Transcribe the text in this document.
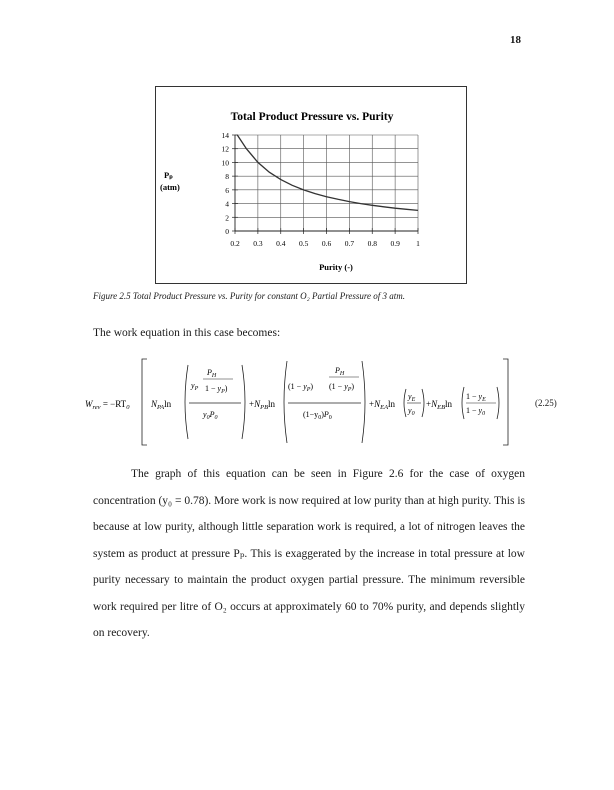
18
Total Product Pressure vs. Purity
Pₚ
(atm)
Purity (-)
0
2
4
6
8
10
12
14
0.2 0.3 0.4 0.5 0.6 0.7 0.8 0.9 1
Figure 2.5 Total Product Pressure vs. Purity for constant O₂ Partial Pressure of 3 atm.
The work equation in this case becomes:
$W_{rev} = -RT_0$ $N_{PA}\ln$
$P_H$
$y_P$ $1 - y_P$)
$y_0P_0$
$+N_{PB}\ln$
$(1 - y_P)$
$P_H$
$(1 - y_P)$
$(1-y_0)P_0$
$+N_{EA}\ln$
$y_E$
$y_0$
$+N_{EB}\ln$
$1 - y_E$
$1 - y_0$
(2.25)
The graph of this equation can be seen in Figure 2.6 for the case of oxygen concentration (y₀ = 0.78). More work is now required at low purity than at high purity. This is because at low purity, although little separation work is required, a lot of nitrogen leaves the system as product at pressure Pₚ. This is exaggerated by the increase in total pressure at low purity necessary to maintain the product oxygen partial pressure. The minimum reversible work required per litre of O₂ occurs at approximately 60 to 70% purity, and depends slightly on recovery.
